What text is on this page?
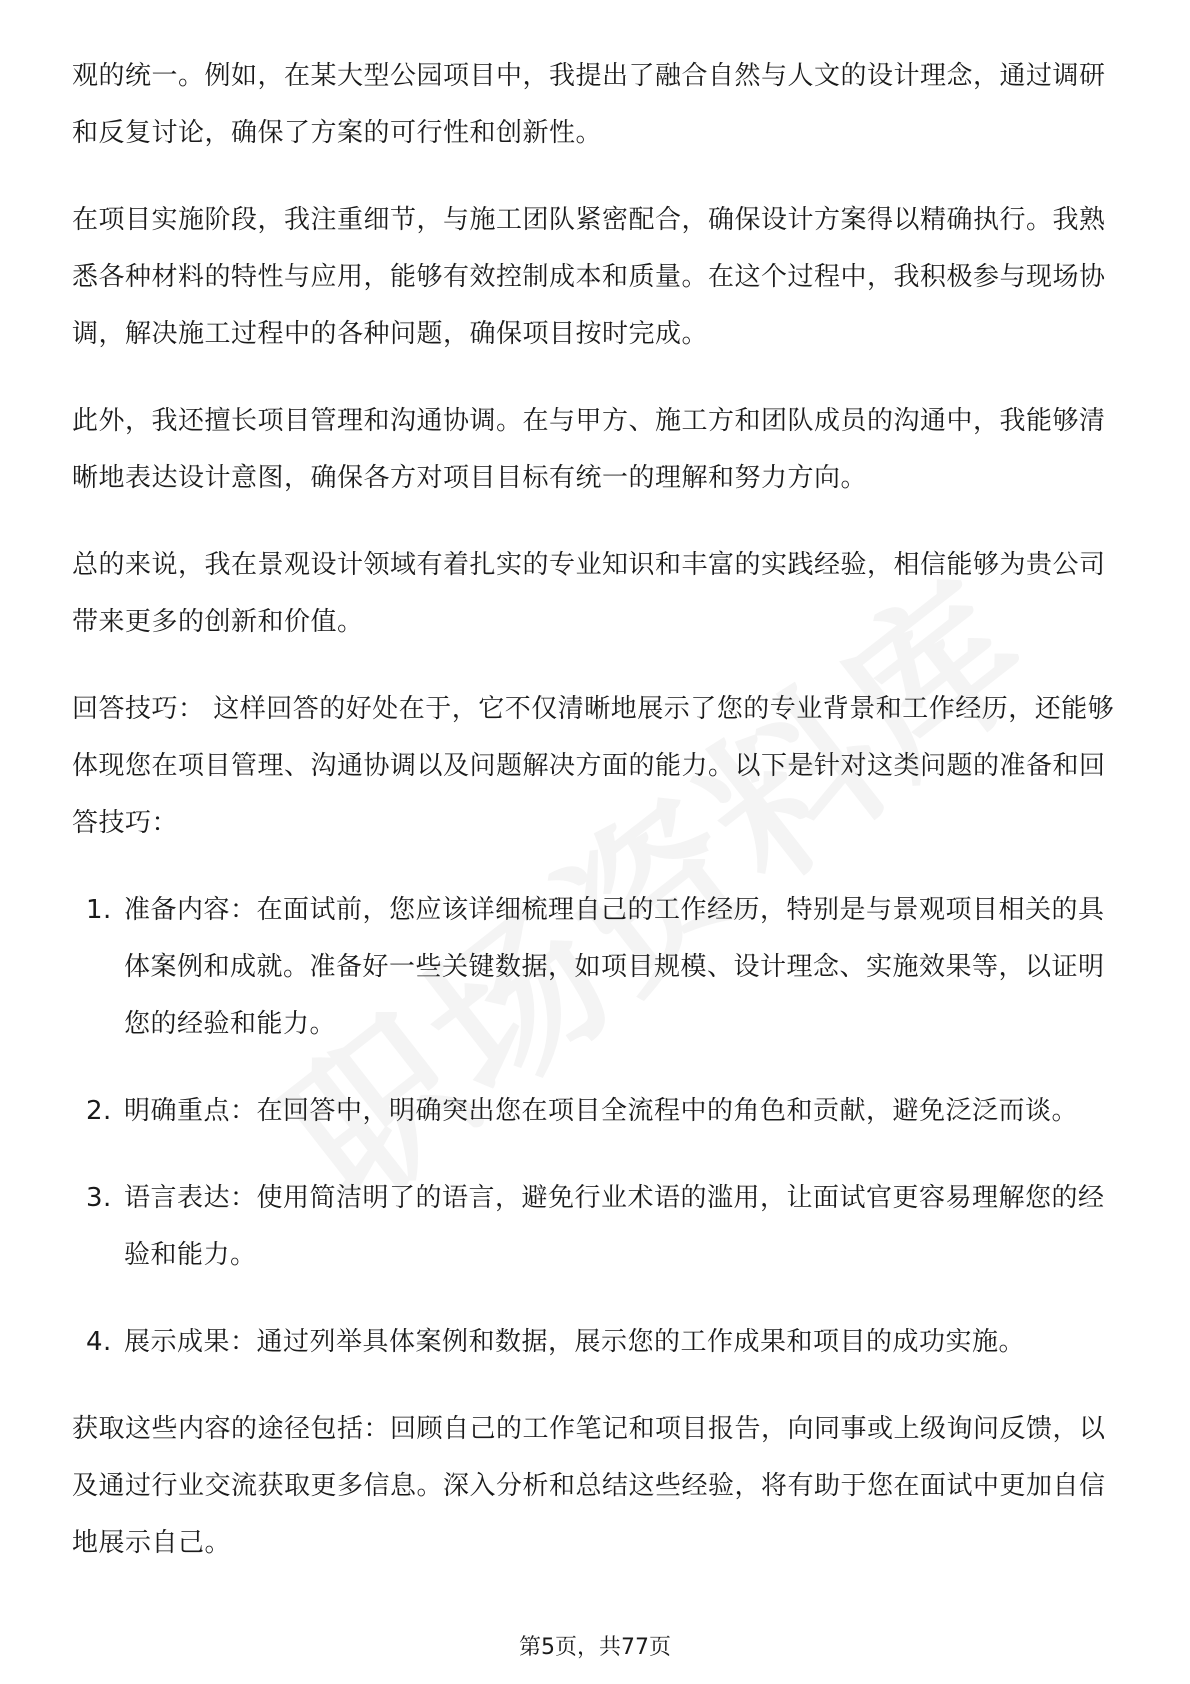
观的统一。例如，在某大型公园项目中，我提出了融合自然与人文的设计理念，通过调研和反复讨论，确保了方案的可行性和创新性。

在项目实施阶段，我注重细节，与施工团队紧密配合，确保设计方案得以精确执行。我熟悉各种材料的特性与应用，能够有效控制成本和质量。在这个过程中，我积极参与现场协调，解决施工过程中的各种问题，确保项目按时完成。

此外，我还擅长项目管理和沟通协调。在与甲方、施工方和团队成员的沟通中，我能够清晰地表达设计意图，确保各方对项目目标有统一的理解和努力方向。

总的来说，我在景观设计领域有着扎实的专业知识和丰富的实践经验，相信能够为贵公司带来更多的创新和价值。

回答技巧： 这样回答的好处在于，它不仅清晰地展示了您的专业背景和工作经历，还能够体现您在项目管理、沟通协调以及问题解决方面的能力。以下是针对这类问题的准备和回答技巧：

1. 准备内容：在面试前，您应该详细梳理自己的工作经历，特别是与景观项目相关的具体案例和成就。准备好一些关键数据，如项目规模、设计理念、实施效果等，以证明您的经验和能力。
2. 明确重点：在回答中，明确突出您在项目全流程中的角色和贡献，避免泛泛而谈。
3. 语言表达：使用简洁明了的语言，避免行业术语的滥用，让面试官更容易理解您的经验和能力。
4. 展示成果：通过列举具体案例和数据，展示您的工作成果和项目的成功实施。

获取这些内容的途径包括：回顾自己的工作笔记和项目报告，向同事或上级询问反馈，以及通过行业交流获取更多信息。深入分析和总结这些经验，将有助于您在面试中更加自信地展示自己。

第5页，共77页
